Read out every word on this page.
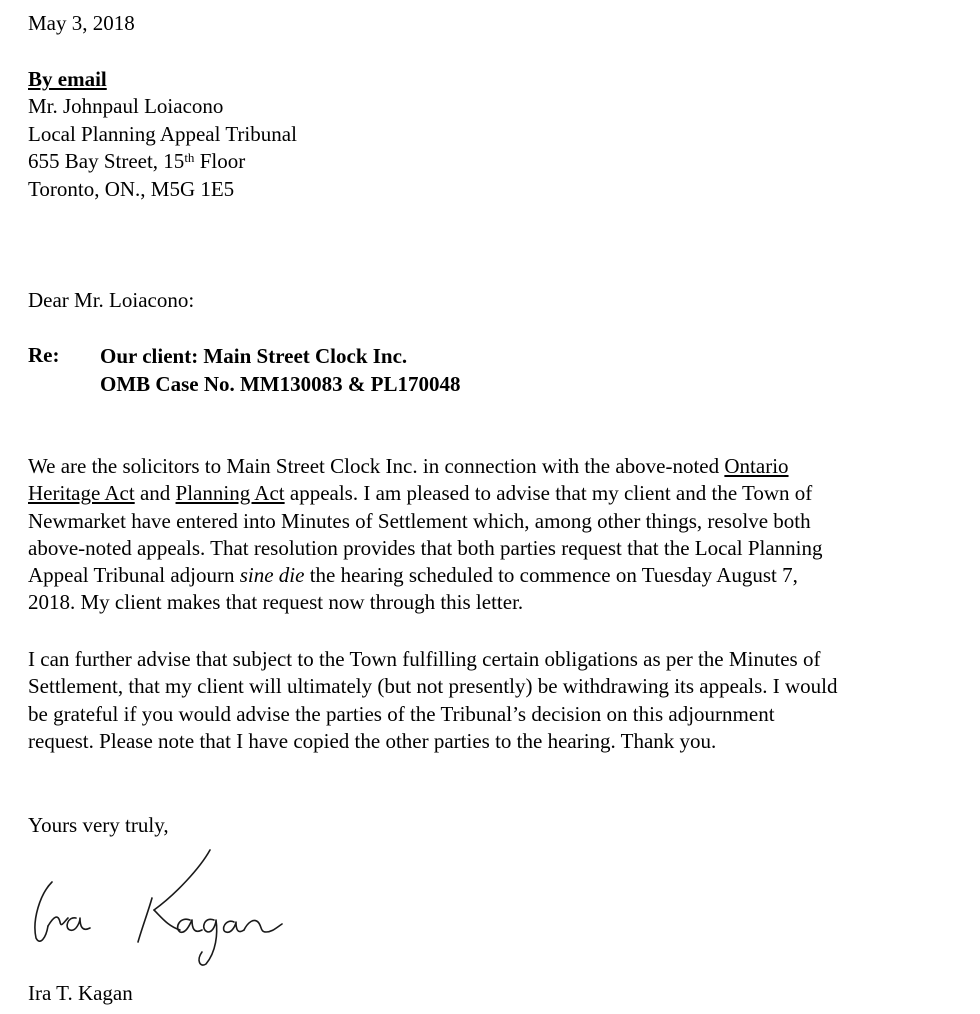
May 3, 2018
By email
Mr. Johnpaul Loiacono
Local Planning Appeal Tribunal
655 Bay Street, 15th Floor
Toronto, ON., M5G 1E5
Dear Mr. Loiacono:
Re: Our client: Main Street Clock Inc.
OMB Case No. MM130083 & PL170048
We are the solicitors to Main Street Clock Inc. in connection with the above-noted Ontario
Heritage Act and Planning Act appeals. I am pleased to advise that my client and the Town of
Newmarket have entered into Minutes of Settlement which, among other things, resolve both
above-noted appeals. That resolution provides that both parties request that the Local Planning
Appeal Tribunal adjourn sine die the hearing scheduled to commence on Tuesday August 7,
2018. My client makes that request now through this letter.
I can further advise that subject to the Town fulfilling certain obligations as per the Minutes of
Settlement, that my client will ultimately (but not presently) be withdrawing its appeals. I would
be grateful if you would advise the parties of the Tribunal’s decision on this adjournment
request. Please note that I have copied the other parties to the hearing. Thank you.
Yours very truly,
Ira T. Kagan
